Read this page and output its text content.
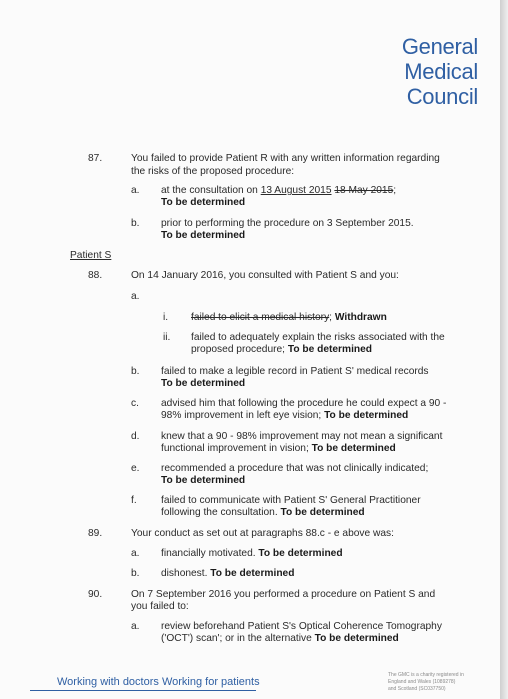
General
Medical
Council
87.	You failed to provide Patient R with any written information regarding
the risks of the proposed procedure:
a. at the consultation on 13 August 2015 18 May 2015;
To be determined
b. prior to performing the procedure on 3 September 2015.
To be determined
Patient S
88.	On 14 January 2016, you consulted with Patient S and you:
a.
i. failed to elicit a medical history; Withdrawn
ii. failed to adequately explain the risks associated with the
proposed procedure; To be determined
b. failed to make a legible record in Patient S' medical records
To be determined
c. advised him that following the procedure he could expect a 90 -
98% improvement in left eye vision; To be determined
d. knew that a 90 - 98% improvement may not mean a significant
functional improvement in vision; To be determined
e. recommended a procedure that was not clinically indicated;
To be determined
f. failed to communicate with Patient S' General Practitioner
following the consultation. To be determined
89.	Your conduct as set out at paragraphs 88.c - e above was:
a. financially motivated. To be determined
b. dishonest. To be determined
90.	On 7 September 2016 you performed a procedure on Patient S and
you failed to:
a. review beforehand Patient S's Optical Coherence Tomography
('OCT') scan'; or in the alternative To be determined
Working with doctors Working for patients
The GMC is a charity registered in
England and Wales (1089278)
and Scotland (SC037750)
